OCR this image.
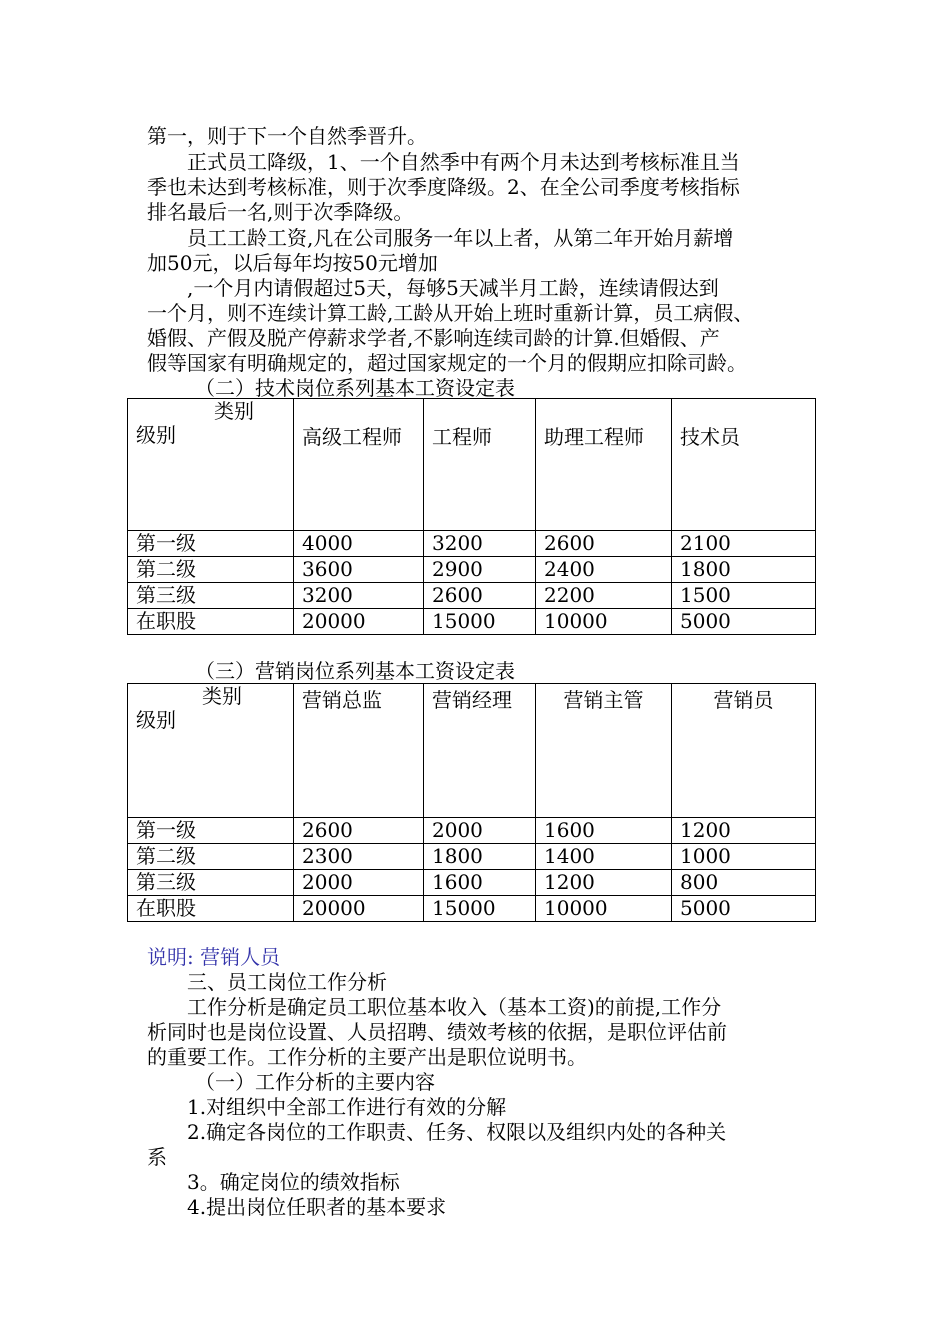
第一，则于下一个自然季晋升。
正式员工降级，1、一个自然季中有两个月未达到考核标准且当
季也未达到考核标准，则于次季度降级。2、在全公司季度考核指标
排名最后一名,则于次季降级。
员工工龄工资,凡在公司服务一年以上者，从第二年开始月薪增
加50元，以后每年均按50元增加
,一个月内请假超过5天，每够5天减半月工龄，连续请假达到
一个月，则不连续计算工龄,工龄从开始上班时重新计算，员工病假、
婚假、产假及脱产停薪求学者,不影响连续司龄的计算.但婚假、产
假等国家有明确规定的，超过国家规定的一个月的假期应扣除司龄。
（二）技术岗位系列基本工资设定表
类别
级别	高级工程师	工程师	助理工程师	技术员
第一级	4000	3200	2600	2100
第二级	3600	2900	2400	1800
第三级	3200	2600	2200	1500
在职股	20000	15000	10000	5000
（三）营销岗位系列基本工资设定表
类别
级别	营销总监	营销经理	营销主管	营销员
第一级	2600	2000	1600	1200
第二级	2300	1800	1400	1000
第三级	2000	1600	1200	800
在职股	20000	15000	10000	5000
说明: 营销人员
三、员工岗位工作分析
工作分析是确定员工职位基本收入（基本工资)的前提,工作分
析同时也是岗位设置、人员招聘、绩效考核的依据，是职位评估前
的重要工作。工作分析的主要产出是职位说明书。
（一）工作分析的主要内容
1.对组织中全部工作进行有效的分解
2.确定各岗位的工作职责、任务、权限以及组织内处的各种关
系
3。确定岗位的绩效指标
4.提出岗位任职者的基本要求
